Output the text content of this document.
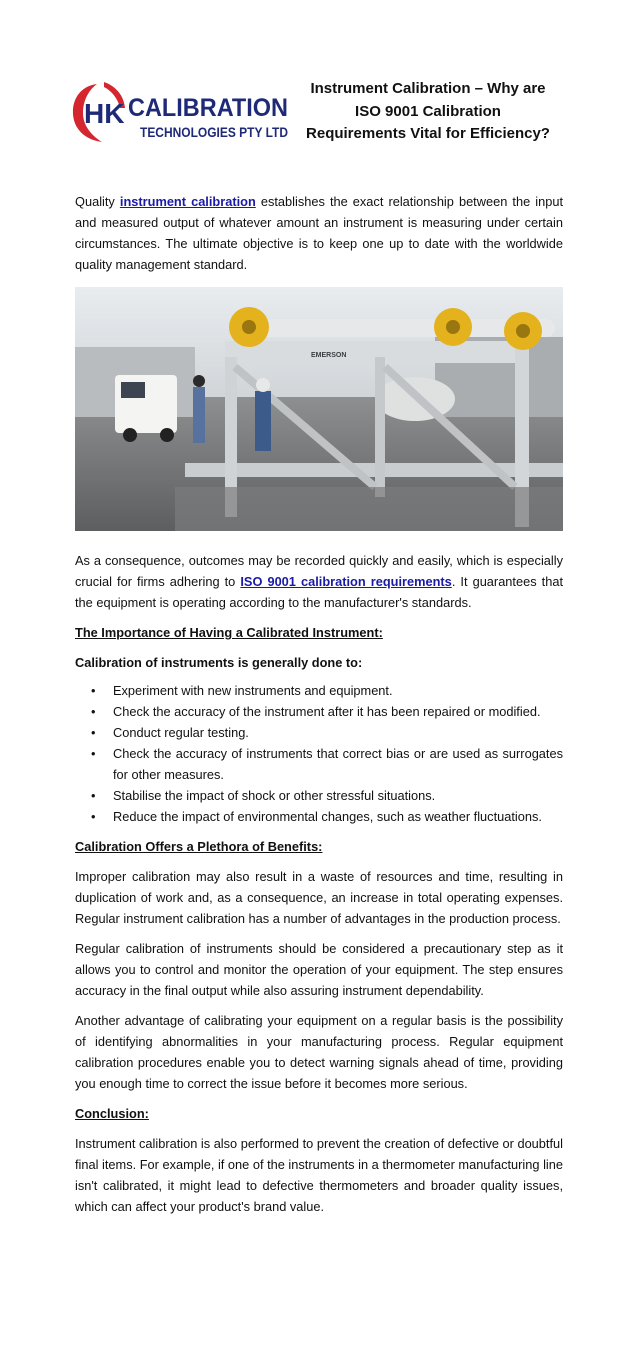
HK CALIBRATION
TECHNOLOGIES PTY LTD
Instrument Calibration – Why are
ISO 9001 Calibration
Requirements Vital for Efficiency?

Quality instrument calibration establishes the exact relationship between the input and measured output of whatever amount an instrument is measuring under certain circumstances. The ultimate objective is to keep one up to date with the worldwide quality management standard.

EMERSON

As a consequence, outcomes may be recorded quickly and easily, which is especially crucial for firms adhering to ISO 9001 calibration requirements. It guarantees that the equipment is operating according to the manufacturer's standards.

The Importance of Having a Calibrated Instrument:
Calibration of instruments is generally done to:
• Experiment with new instruments and equipment.
• Check the accuracy of the instrument after it has been repaired or modified.
• Conduct regular testing.
• Check the accuracy of instruments that correct bias or are used as surrogates for other measures.
• Stabilise the impact of shock or other stressful situations.
• Reduce the impact of environmental changes, such as weather fluctuations.
Calibration Offers a Plethora of Benefits:

Improper calibration may also result in a waste of resources and time, resulting in duplication of work and, as a consequence, an increase in total operating expenses. Regular instrument calibration has a number of advantages in the production process.

Regular calibration of instruments should be considered a precautionary step as it allows you to control and monitor the operation of your equipment. The step ensures accuracy in the final output while also assuring instrument dependability.

Another advantage of calibrating your equipment on a regular basis is the possibility of identifying abnormalities in your manufacturing process. Regular equipment calibration procedures enable you to detect warning signals ahead of time, providing you enough time to correct the issue before it becomes more serious.

Conclusion:

Instrument calibration is also performed to prevent the creation of defective or doubtful final items. For example, if one of the instruments in a thermometer manufacturing line isn't calibrated, it might lead to defective thermometers and broader quality issues, which can affect your product's brand value.
